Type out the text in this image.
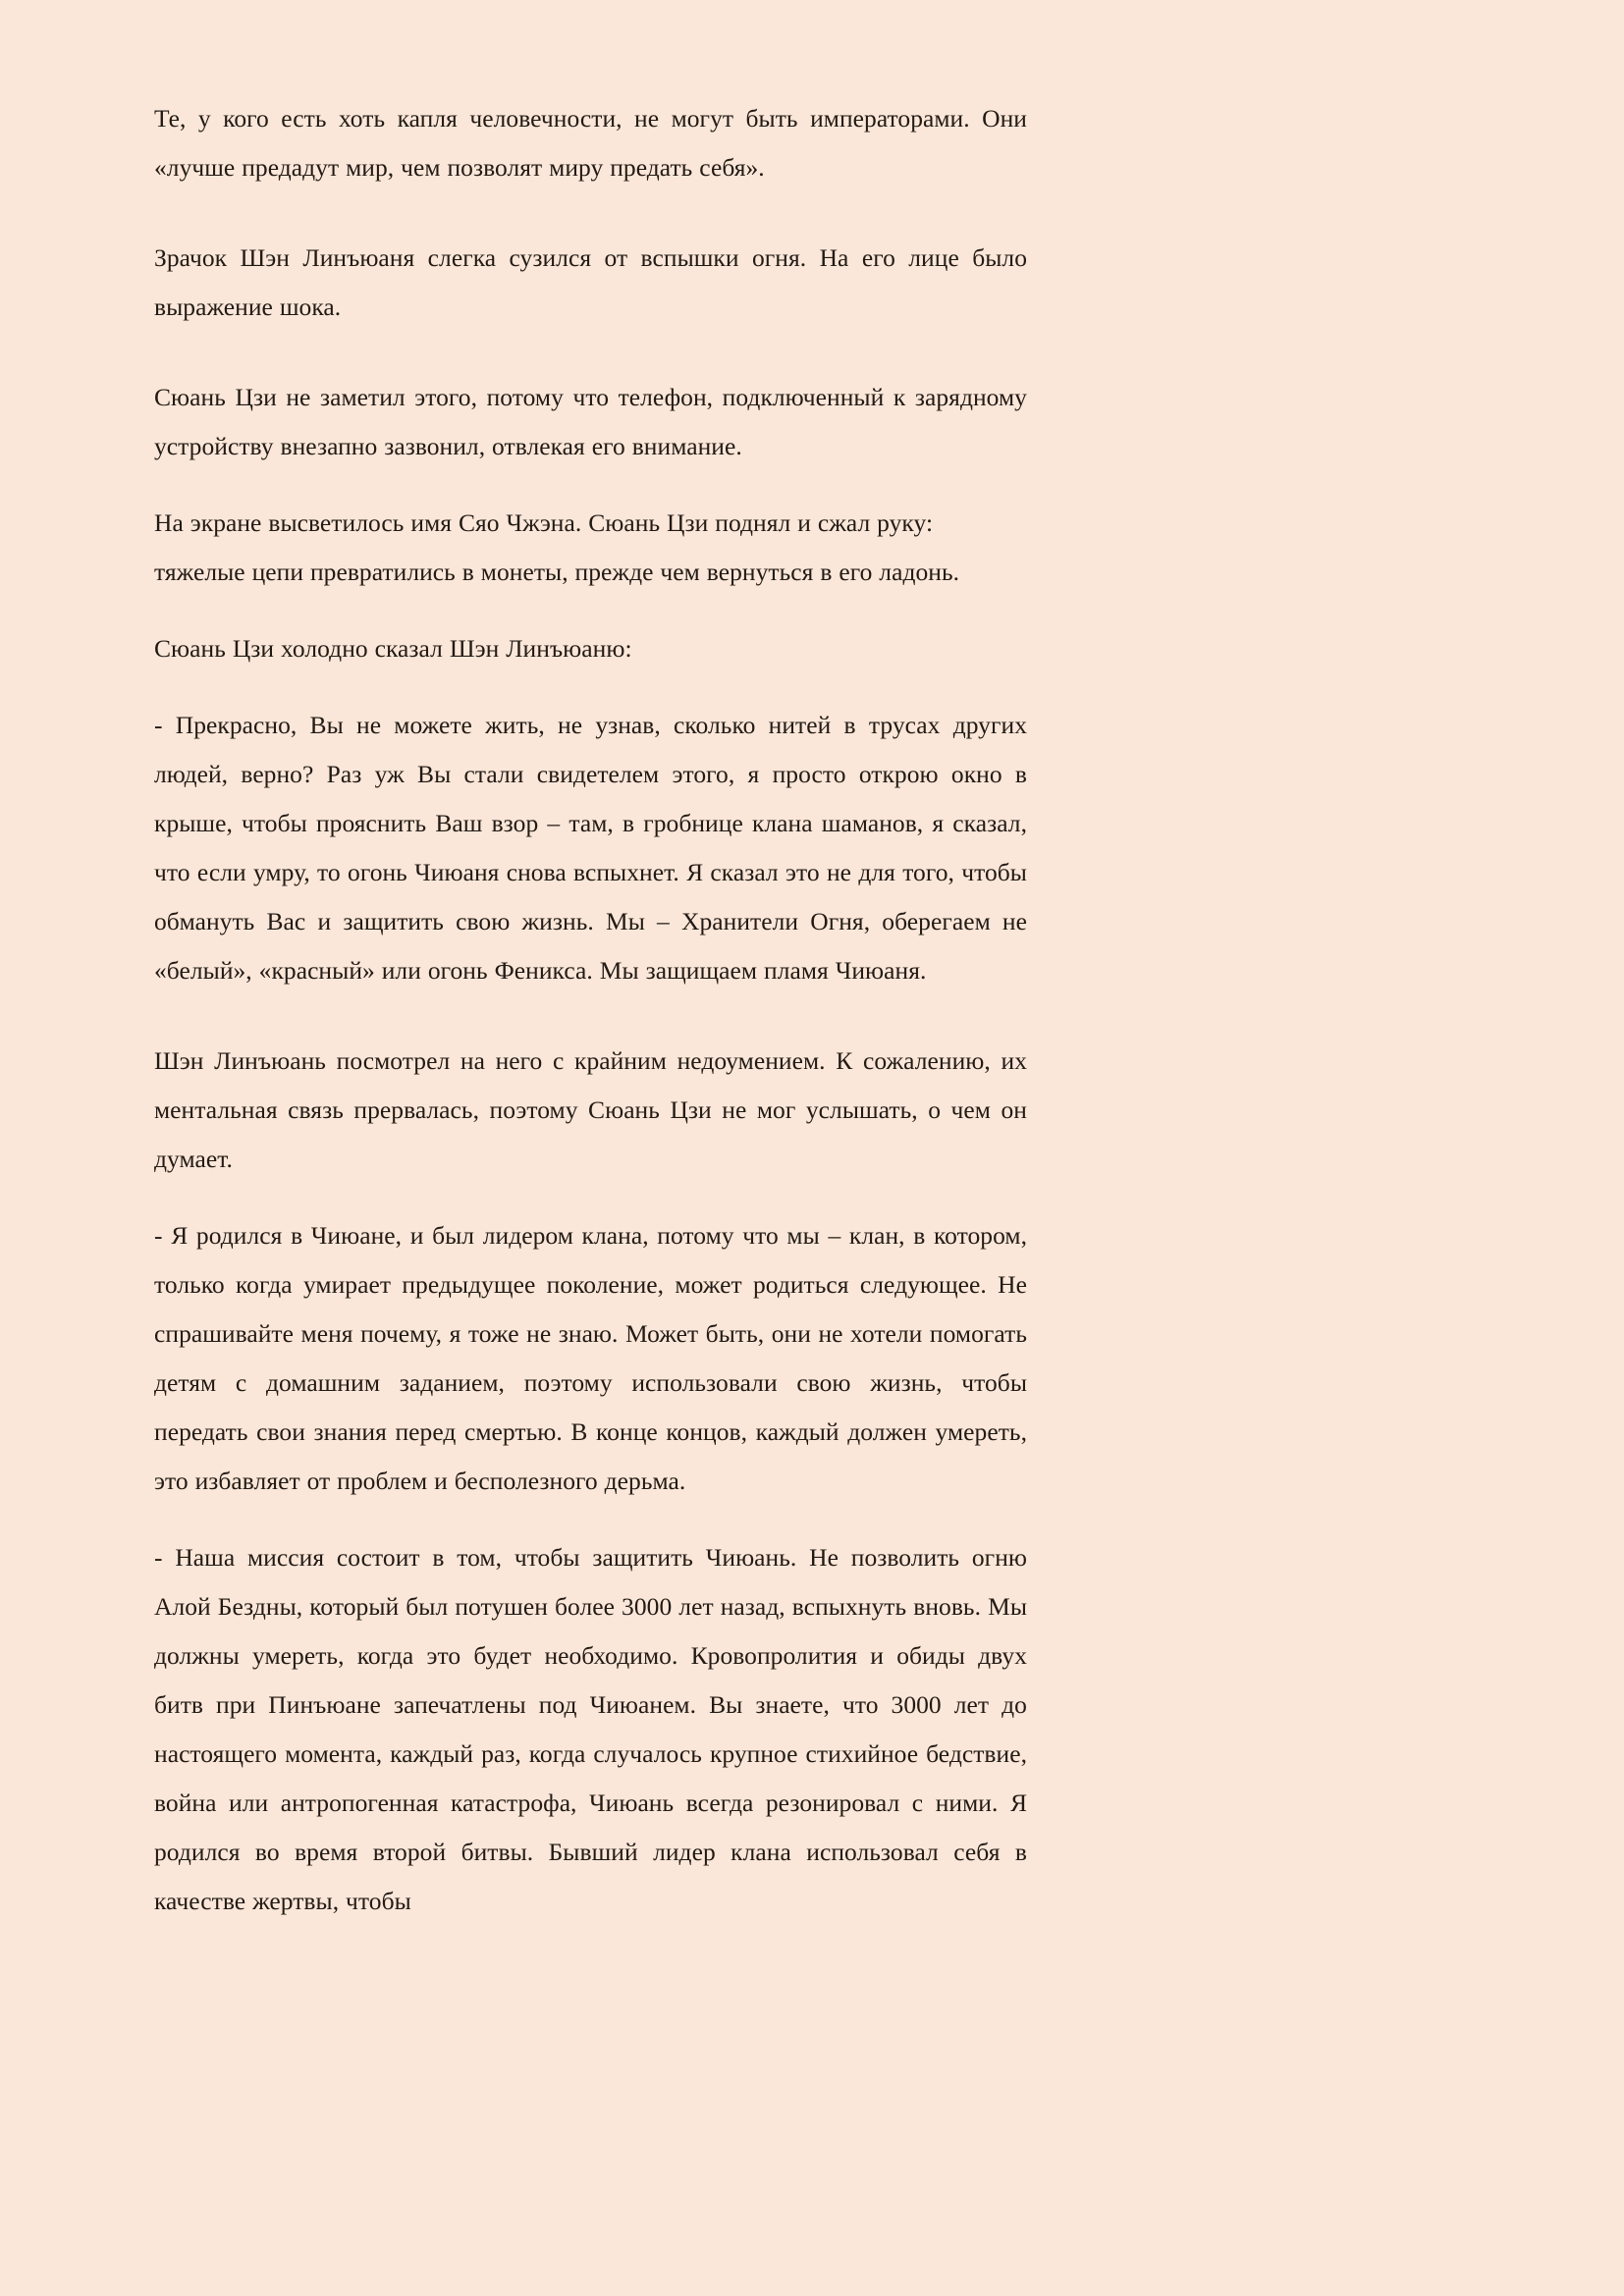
Те, у кого есть хоть капля человечности, не могут быть императорами. Они «лучше предадут мир, чем позволят миру предать себя».

Зрачок Шэн Линъюаня слегка сузился от вспышки огня. На его лице было выражение шока.

Сюань Цзи не заметил этого, потому что телефон, подключенный к зарядному устройству внезапно зазвонил, отвлекая его внимание.

На экране высветилось имя Сяо Чжэна. Сюань Цзи поднял и сжал руку: тяжелые цепи превратились в монеты, прежде чем вернуться в его ладонь.

Сюань Цзи холодно сказал Шэн Линъюаню:

- Прекрасно, Вы не можете жить, не узнав, сколько нитей в трусах других людей, верно? Раз уж Вы стали свидетелем этого, я просто открою окно в крыше, чтобы прояснить Ваш взор – там, в гробнице клана шаманов, я сказал, что если умру, то огонь Чиюаня снова вспыхнет. Я сказал это не для того, чтобы обмануть Вас и защитить свою жизнь. Мы – Хранители Огня, оберегаем не «белый», «красный» или огонь Феникса. Мы защищаем пламя Чиюаня.

Шэн Линъюань посмотрел на него с крайним недоумением. К сожалению, их ментальная связь прервалась, поэтому Сюань Цзи не мог услышать, о чем он думает.

- Я родился в Чиюане, и был лидером клана, потому что мы – клан, в котором, только когда умирает предыдущее поколение, может родиться следующее. Не спрашивайте меня почему, я тоже не знаю. Может быть, они не хотели помогать детям с домашним заданием, поэтому использовали свою жизнь, чтобы передать свои знания перед смертью. В конце концов, каждый должен умереть, это избавляет от проблем и бесполезного дерьма.

- Наша миссия состоит в том, чтобы защитить Чиюань. Не позволить огню Алой Бездны, который был потушен более 3000 лет назад, вспыхнуть вновь. Мы должны умереть, когда это будет необходимо. Кровопролития и обиды двух битв при Пинъюане запечатлены под Чиюанем. Вы знаете, что 3000 лет до настоящего момента, каждый раз, когда случалось крупное стихийное бедствие, война или антропогенная катастрофа, Чиюань всегда резонировал с ними. Я родился во время второй битвы. Бывший лидер клана использовал себя в качестве жертвы, чтобы
